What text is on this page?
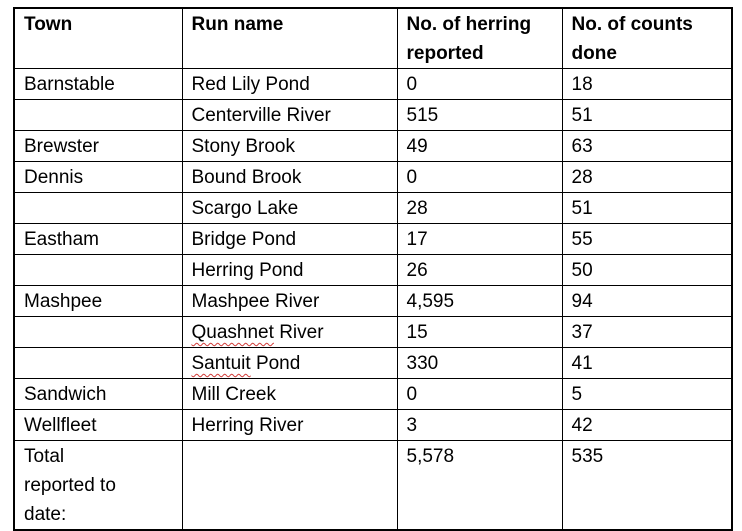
Town	Run name	No. of herring reported	No. of counts done
Barnstable	Red Lily Pond	0	18
	Centerville River	515	51
Brewster	Stony Brook	49	63
Dennis	Bound Brook	0	28
	Scargo Lake	28	51
Eastham	Bridge Pond	17	55
	Herring Pond	26	50
Mashpee	Mashpee River	4,595	94
	Quashnet River	15	37
	Santuit Pond	330	41
Sandwich	Mill Creek	0	5
Wellfleet	Herring River	3	42

Total
reported to
date:		5,578	535
